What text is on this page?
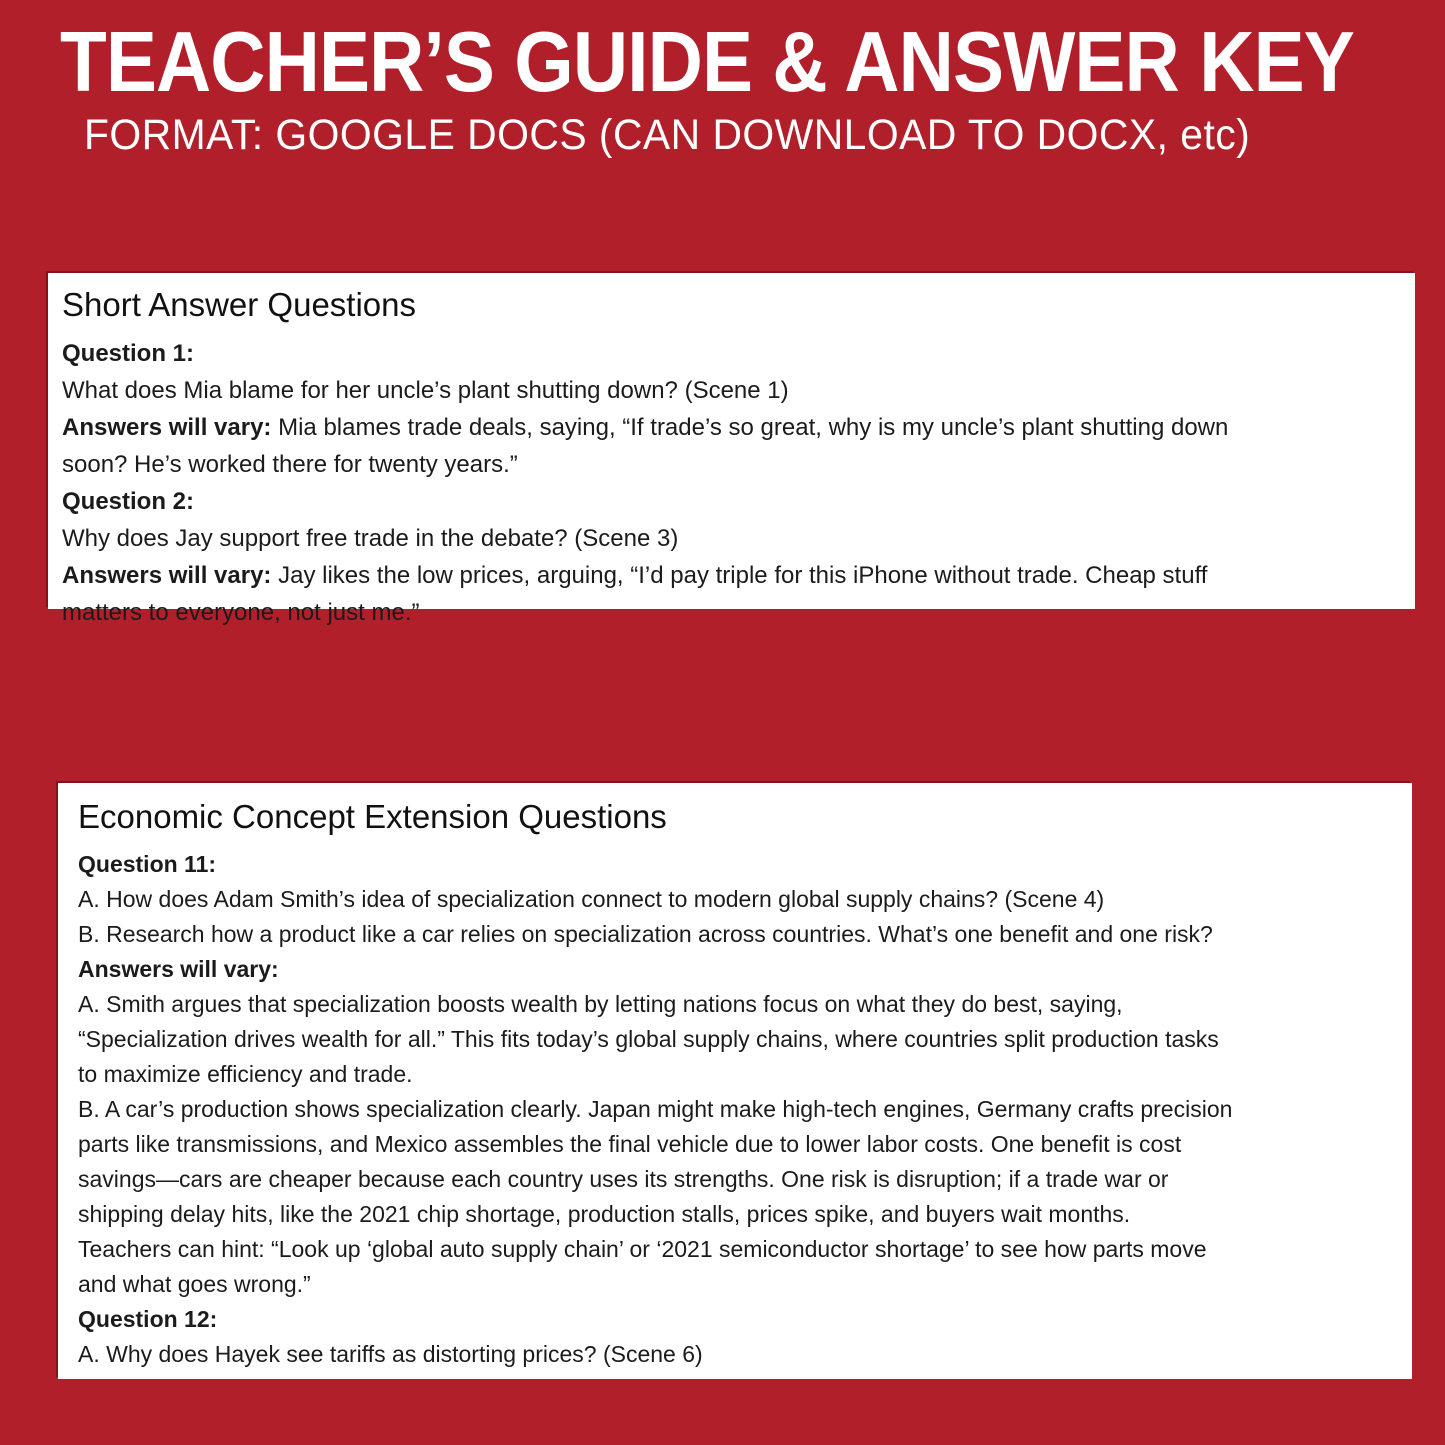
TEACHER’S GUIDE & ANSWER KEY
FORMAT: GOOGLE DOCS (CAN DOWNLOAD TO DOCX, etc)
Short Answer Questions

Question 1:

What does Mia blame for her uncle’s plant shutting down? (Scene 1)

Answers will vary: Mia blames trade deals, saying, “If trade’s so great, why is my uncle’s plant shutting down

soon? He’s worked there for twenty years.”

Question 2:

Why does Jay support free trade in the debate? (Scene 3)

Answers will vary: Jay likes the low prices, arguing, “I’d pay triple for this iPhone without trade. Cheap stuff

matters to everyone, not just me.”

Economic Concept Extension Questions

Question 11:

A. How does Adam Smith’s idea of specialization connect to modern global supply chains? (Scene 4)

B. Research how a product like a car relies on specialization across countries. What’s one benefit and one risk?

Answers will vary:

A. Smith argues that specialization boosts wealth by letting nations focus on what they do best, saying,

“Specialization drives wealth for all.” This fits today’s global supply chains, where countries split production tasks

to maximize efficiency and trade.

B. A car’s production shows specialization clearly. Japan might make high-tech engines, Germany crafts precision

parts like transmissions, and Mexico assembles the final vehicle due to lower labor costs. One benefit is cost

savings—cars are cheaper because each country uses its strengths. One risk is disruption; if a trade war or

shipping delay hits, like the 2021 chip shortage, production stalls, prices spike, and buyers wait months.

Teachers can hint: “Look up ‘global auto supply chain’ or ‘2021 semiconductor shortage’ to see how parts move

and what goes wrong.”

Question 12:

A. Why does Hayek see tariffs as distorting prices? (Scene 6)
